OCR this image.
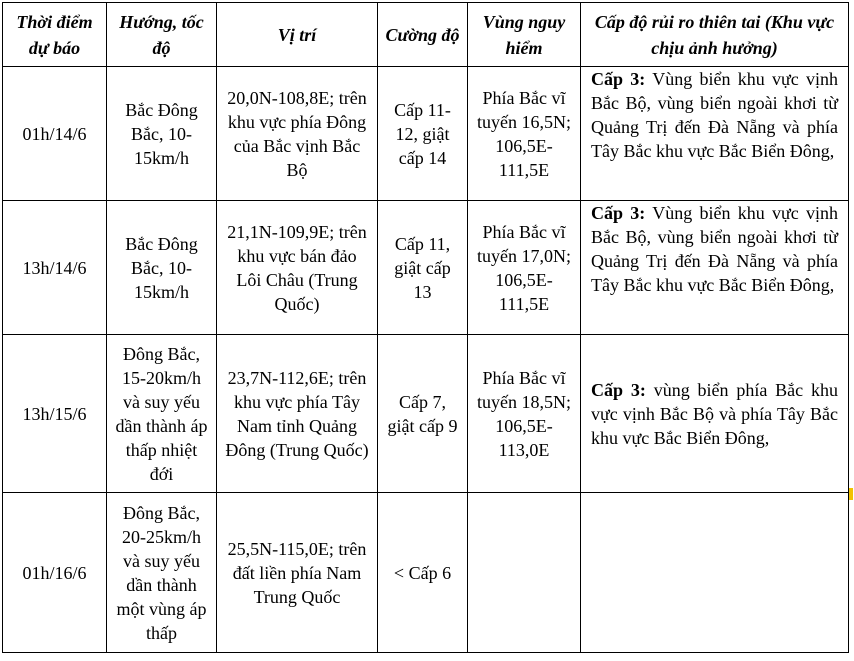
Thời điểm dự báo	Hướng, tốc độ	Vị trí	Cường độ	Vùng nguy hiểm	Cấp độ rủi ro thiên tai (Khu vực chịu ảnh hưởng)
01h/14/6	Bắc Đông Bắc, 10-15km/h	20,0N-108,8E; trên khu vực phía Đông của Bắc vịnh Bắc Bộ	Cấp 11-12, giật cấp 14	Phía Bắc vĩ tuyến 16,5N; 106,5E-111,5E	Cấp 3: Vùng biển khu vực vịnh Bắc Bộ, vùng biển ngoài khơi từ Quảng Trị đến Đà Nẵng và phía Tây Bắc khu vực Bắc Biển Đông,
13h/14/6	Bắc Đông Bắc, 10-15km/h	21,1N-109,9E; trên khu vực bán đảo Lôi Châu (Trung Quốc)	Cấp 11, giật cấp 13	Phía Bắc vĩ tuyến 17,0N; 106,5E-111,5E	Cấp 3: Vùng biển khu vực vịnh Bắc Bộ, vùng biển ngoài khơi từ Quảng Trị đến Đà Nẵng và phía Tây Bắc khu vực Bắc Biển Đông,
13h/15/6	Đông Bắc, 15-20km/h và suy yếu dần thành áp thấp nhiệt đới	23,7N-112,6E; trên khu vực phía Tây Nam tỉnh Quảng Đông (Trung Quốc)	Cấp 7, giật cấp 9	Phía Bắc vĩ tuyến 18,5N; 106,5E-113,0E	Cấp 3: vùng biển phía Bắc khu vực vịnh Bắc Bộ và phía Tây Bắc khu vực Bắc Biển Đông,
01h/16/6	Đông Bắc, 20-25km/h và suy yếu dần thành một vùng áp thấp	25,5N-115,0E; trên đất liền phía Nam Trung Quốc	< Cấp 6		
